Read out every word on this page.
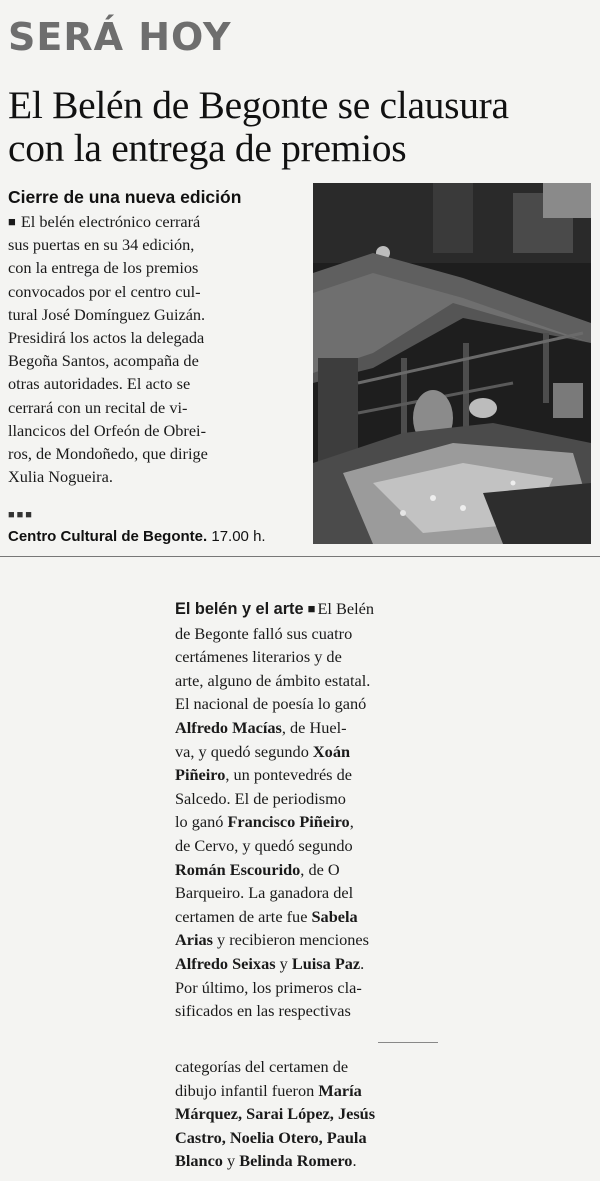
SERÁ HOY
El Belén de Begonte se clausura
con la entrega de premios
Cierre de una nueva edición
■ El belén electrónico cerrará
sus puertas en su 34 edición,
con la entrega de los premios
convocados por el centro cul-
tural José Domínguez Guizán.
Presidirá los actos la delegada
Begoña Santos, acompaña de
otras autoridades. El acto se
cerrará con un recital de vi-
llancicos del Orfeón de Obrei-
ros, de Mondoñedo, que dirige
Xulia Nogueira.
■■■
Centro Cultural de Begonte. 17.00 h.
El belén y el arte ■ El Belén
de Begonte falló sus cuatro
certámenes literarios y de
arte, alguno de ámbito estatal.
El nacional de poesía lo ganó
Alfredo Macías, de Huel-
va, y quedó segundo Xoán
Piñeiro, un pontevedrés de
Salcedo. El de periodismo
lo ganó Francisco Piñeiro,
de Cervo, y quedó segundo
Román Escourido, de O
Barqueiro. La ganadora del
certamen de arte fue Sabela
Arias y recibieron menciones
Alfredo Seixas y Luisa Paz.
Por último, los primeros cla-
sificados en las respectivas
categorías del certamen de
dibujo infantil fueron María
Márquez, Sarai López, Jesús
Castro, Noelia Otero, Paula
Blanco y Belinda Romero.
